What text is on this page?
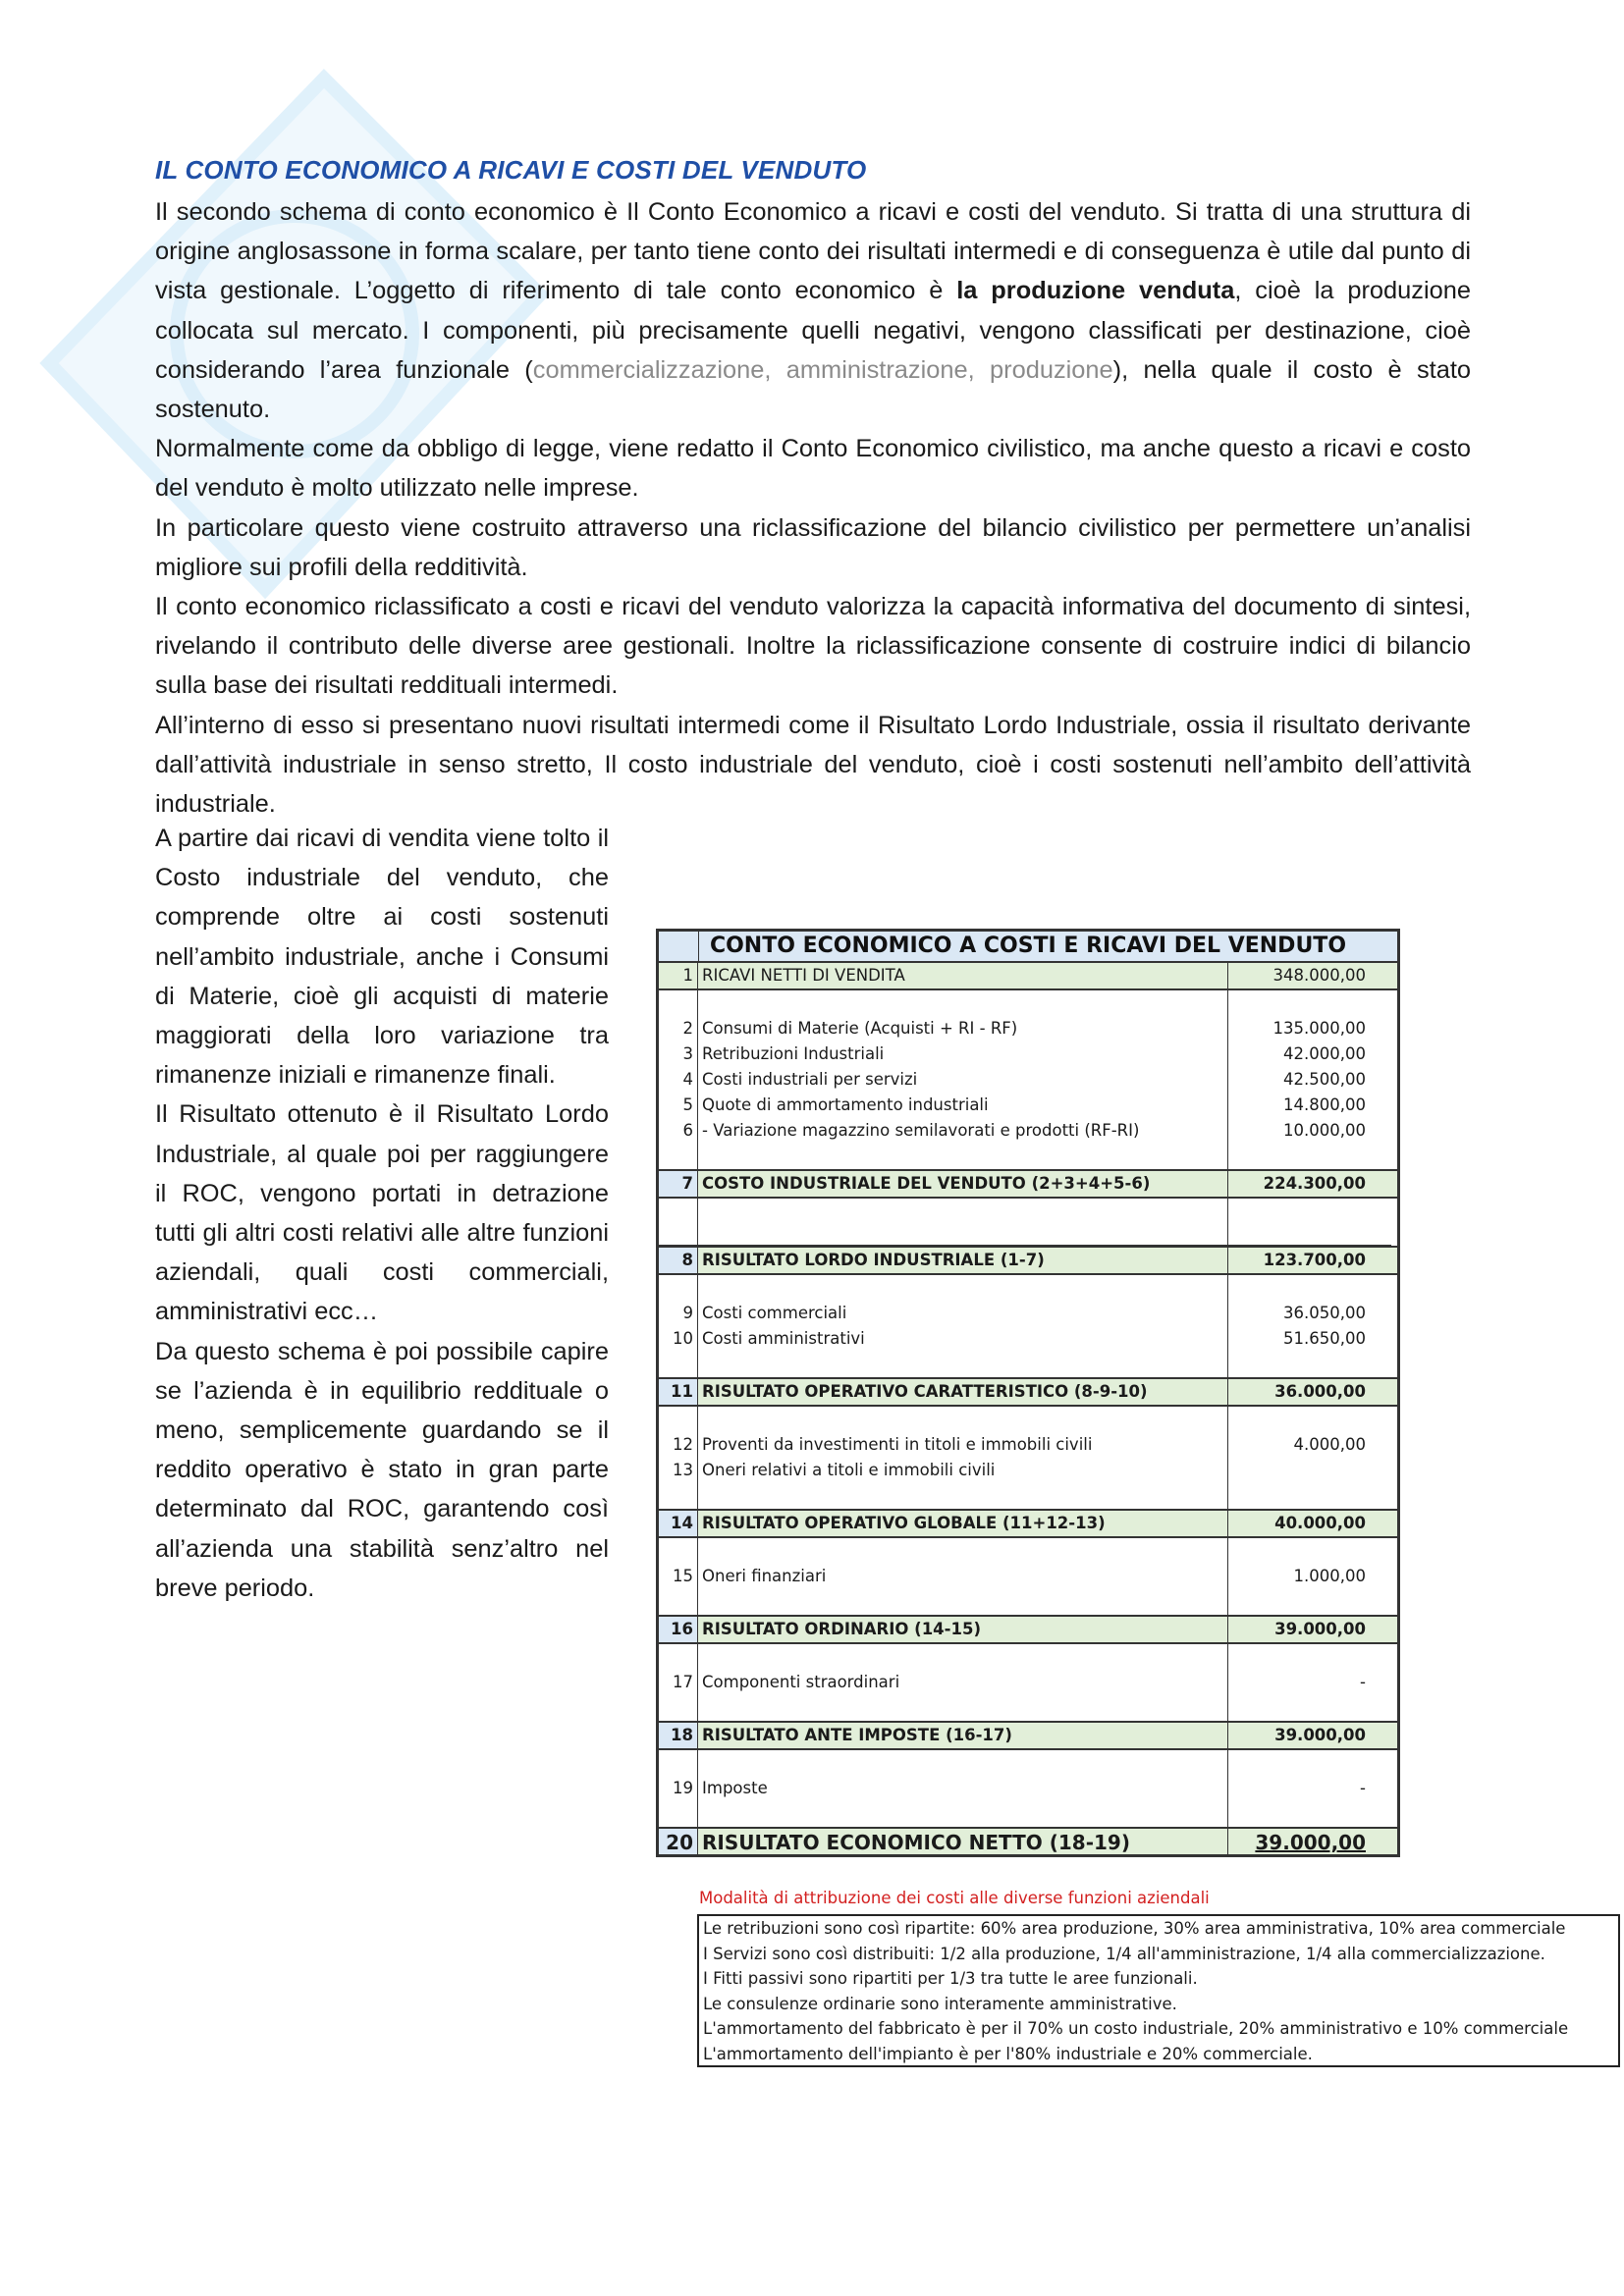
IL CONTO ECONOMICO A RICAVI E COSTI DEL VENDUTO

Il secondo schema di conto economico è Il Conto Economico a ricavi e costi del venduto. Si tratta di una struttura di origine anglosassone in forma scalare, per tanto tiene conto dei risultati intermedi e di conseguenza è utile dal punto di vista gestionale. L’oggetto di riferimento di tale conto economico è la produzione venduta, cioè la produzione collocata sul mercato. I componenti, più precisamente quelli negativi, vengono classificati per destinazione, cioè considerando l’area funzionale (commercializzazione, amministrazione, produzione), nella quale il costo è stato sostenuto.

Normalmente come da obbligo di legge, viene redatto il Conto Economico civilistico, ma anche questo a ricavi e costo del venduto è molto utilizzato nelle imprese.

In particolare questo viene costruito attraverso una riclassificazione del bilancio civilistico per permettere un’analisi migliore sui profili della redditività.

Il conto economico riclassificato a costi e ricavi del venduto valorizza la capacità informativa del documento di sintesi, rivelando il contributo delle diverse aree gestionali. Inoltre la riclassificazione consente di costruire indici di bilancio sulla base dei risultati reddituali intermedi.

All’interno di esso si presentano nuovi risultati intermedi come il Risultato Lordo Industriale, ossia il risultato derivante dall’attività industriale in senso stretto, Il costo industriale del venduto, cioè i costi sostenuti nell’ambito dell’attività industriale.

A partire dai ricavi di vendita viene tolto il Costo industriale del venduto, che comprende oltre ai costi sostenuti nell’ambito industriale, anche i Consumi di Materie, cioè gli acquisti di materie maggiorati della loro variazione tra rimanenze iniziali e rimanenze finali.

Il Risultato ottenuto è il Risultato Lordo Industriale, al quale poi per raggiungere il ROC, vengono portati in detrazione tutti gli altri costi relativi alle altre funzioni aziendali, quali costi commerciali, amministrativi ecc…

Da questo schema è poi possibile capire se l’azienda è in equilibrio reddituale o meno, semplicemente guardando se il reddito operativo è stato in gran parte determinato dal ROC, garantendo così all’azienda una stabilità senz’altro nel breve periodo.

CONTO ECONOMICO A COSTI E RICAVI DEL VENDUTO
1 RICAVI NETTI DI VENDITA	348.000,00
2 Consumi di Materie (Acquisti + RI - RF)	135.000,00
3 Retribuzioni Industriali	42.000,00
4 Costi industriali per servizi	42.500,00
5 Quote di ammortamento industriali	14.800,00
6 - Variazione magazzino semilavorati e prodotti (RF-RI)	10.000,00
7 COSTO INDUSTRIALE DEL VENDUTO (2+3+4+5-6)	224.300,00
8 RISULTATO LORDO INDUSTRIALE (1-7)	123.700,00
9 Costi commerciali	36.050,00
10 Costi amministrativi	51.650,00
11 RISULTATO OPERATIVO CARATTERISTICO (8-9-10)	36.000,00
12 Proventi da investimenti in titoli e immobili civili	4.000,00
13 Oneri relativi a titoli e immobili civili
14 RISULTATO OPERATIVO GLOBALE (11+12-13)	40.000,00
15 Oneri finanziari	1.000,00
16 RISULTATO ORDINARIO (14-15)	39.000,00
17 Componenti straordinari	-
18 RISULTATO ANTE IMPOSTE (16-17)	39.000,00
19 Imposte	-
20 RISULTATO ECONOMICO NETTO (18-19)	39.000,00
Modalità di attribuzione dei costi alle diverse funzioni aziendali
Le retribuzioni sono così ripartite: 60% area produzione, 30% area amministrativa, 10% area commerciale
I Servizi sono così distribuiti: 1/2 alla produzione, 1/4 all'amministrazione, 1/4 alla commercializzazione.
I Fitti passivi sono ripartiti per 1/3 tra tutte le aree funzionali.
Le consulenze ordinarie sono interamente amministrative.
L'ammortamento del fabbricato è per il 70% un costo industriale, 20% amministrativo e 10% commerciale
L'ammortamento dell'impianto è per l'80% industriale e 20% commerciale.
